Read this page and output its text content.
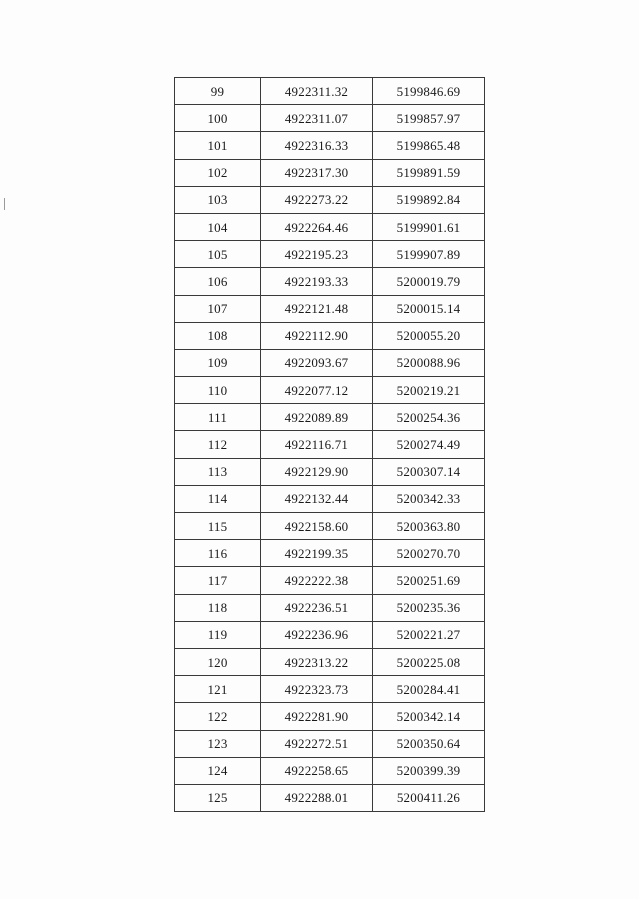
99	4922311.32	5199846.69
100	4922311.07	5199857.97
101	4922316.33	5199865.48
102	4922317.30	5199891.59
103	4922273.22	5199892.84
104	4922264.46	5199901.61
105	4922195.23	5199907.89
106	4922193.33	5200019.79
107	4922121.48	5200015.14
108	4922112.90	5200055.20
109	4922093.67	5200088.96
110	4922077.12	5200219.21
111	4922089.89	5200254.36
112	4922116.71	5200274.49
113	4922129.90	5200307.14
114	4922132.44	5200342.33
115	4922158.60	5200363.80
116	4922199.35	5200270.70
117	4922222.38	5200251.69
118	4922236.51	5200235.36
119	4922236.96	5200221.27
120	4922313.22	5200225.08
121	4922323.73	5200284.41
122	4922281.90	5200342.14
123	4922272.51	5200350.64
124	4922258.65	5200399.39
125	4922288.01	5200411.26
